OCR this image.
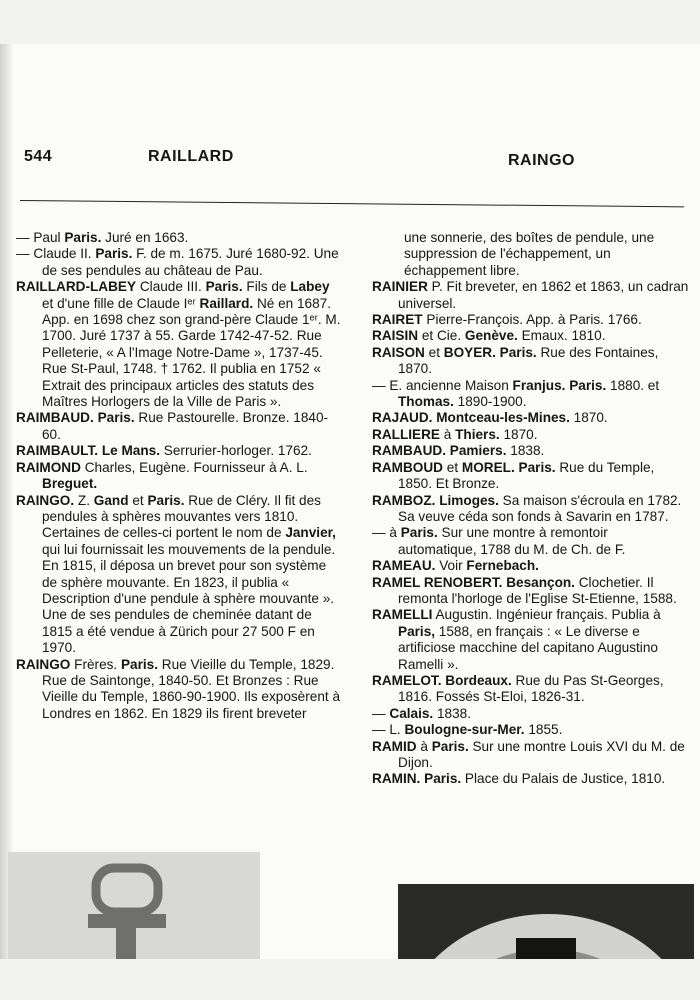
544	RAILLARD	RAINGO

— Paul Paris. Juré en 1663.

— Claude II. Paris. F. de m. 1675. Juré 1680-92. Une de ses pendules au château de Pau.

RAILLARD-LABEY Claude III. Paris. Fils de Labey et d'une fille de Claude Iᵉʳ Raillard. Né en 1687. App. en 1698 chez son grand-père Claude 1ᵉʳ. M. 1700. Juré 1737 à 55. Garde 1742-47-52. Rue Pelleterie, « A l'Image Notre-Dame », 1737-45. Rue St-Paul, 1748. † 1762. Il publia en 1752 « Extrait des principaux articles des statuts des Maîtres Horlogers de la Ville de Paris ».

RAIMBAUD. Paris. Rue Pastourelle. Bronze. 1840-60.

RAIMBAULT. Le Mans. Serrurier-horloger. 1762.

RAIMOND Charles, Eugène. Fournisseur à A. L. Breguet.

RAINGO. Z. Gand et Paris. Rue de Cléry. Il fit des pendules à sphères mouvantes vers 1810. Certaines de celles-ci portent le nom de Janvier, qui lui fournissait les mouvements de la pendule. En 1815, il déposa un brevet pour son système de sphère mouvante. En 1823, il publia « Description d'une pendule à sphère mouvante ». Une de ses pendules de cheminée datant de 1815 a été vendue à Zürich pour 27 500 F en 1970.

RAINGO Frères. Paris. Rue Vieille du Temple, 1829. Rue de Saintonge, 1840-50. Et Bronzes : Rue Vieille du Temple, 1860-90-1900. Ils exposèrent à Londres en 1862. En 1829 ils firent breveter

une sonnerie, des boîtes de pendule, une suppression de l'échappement, un échappement libre.

RAINIER P. Fit breveter, en 1862 et 1863, un cadran universel.

RAIRET Pierre-François. App. à Paris. 1766.

RAISIN et Cie. Genève. Emaux. 1810.

RAISON et BOYER. Paris. Rue des Fontaines, 1870.

— E. ancienne Maison Franjus. Paris. 1880. et Thomas. 1890-1900.

RAJAUD. Montceau-les-Mines. 1870.

RALLIERE à Thiers. 1870.

RAMBAUD. Pamiers. 1838.

RAMBOUD et MOREL. Paris. Rue du Temple, 1850. Et Bronze.

RAMBOZ. Limoges. Sa maison s'écroula en 1782. Sa veuve céda son fonds à Savarin en 1787.

— à Paris. Sur une montre à remontoir automatique, 1788 du M. de Ch. de F.

RAMEAU. Voir Fernebach.

RAMEL RENOBERT. Besançon. Clochetier. Il remonta l'horloge de l'Eglise St-Etienne, 1588.

RAMELLI Augustin. Ingénieur français. Publia à Paris, 1588, en français : « Le diverse e artificiose macchine del capitano Augustino Ramelli ».

RAMELOT. Bordeaux. Rue du Pas St-Georges, 1816. Fossés St-Eloi, 1826-31.

— Calais. 1838.

— L. Boulogne-sur-Mer. 1855.

RAMID à Paris. Sur une montre Louis XVI du M. de Dijon.

RAMIN. Paris. Place du Palais de Justice, 1810.
